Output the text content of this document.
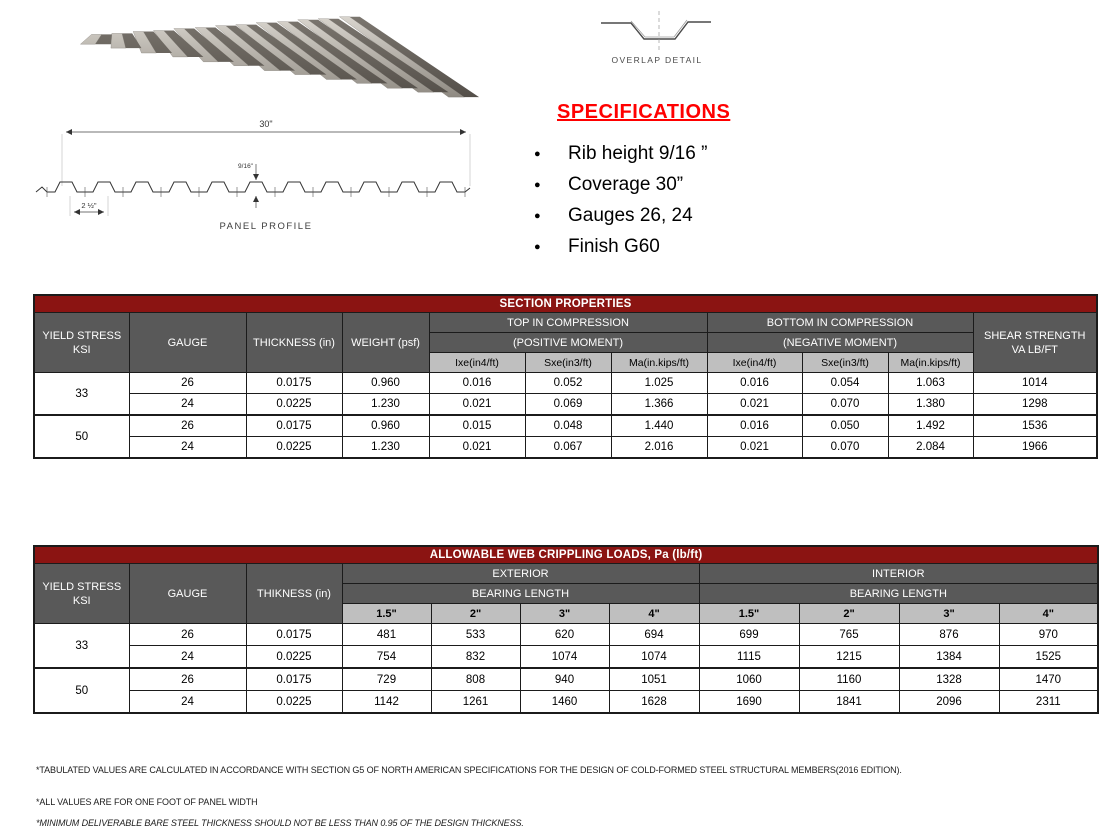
OVERLAP DETAIL
30"
9/16"
2 ½"
PANEL PROFILE
SPECIFICATIONS
● Rib height 9/16 ”
● Coverage 30”
● Gauges 26, 24
● Finish G60
SECTION PROPERTIES										

YIELD STRESS
KSI	GAUGE	THICKNESS (in)	WEIGHT (psf)	TOP IN COMPRESSION			BOTTOM IN COMPRESSION			SHEAR STRENGTH
VA LB/FT

				(POSITIVE MOMENT)			(NEGATIVE MOMENT)			
				Ixe(in4/ft)	Sxe(in3/ft)	Ma(in.kips/ft)	Ixe(in4/ft)	Sxe(in3/ft)	Ma(in.kips/ft)	
33	26	0.0175	0.960	0.016	0.052	1.025	0.016	0.054	1.063	1014
	24	0.0225	1.230	0.021	0.069	1.366	0.021	0.070	1.380	1298
50	26	0.0175	0.960	0.015	0.048	1.440	0.016	0.050	1.492	1536
	24	0.0225	1.230	0.021	0.067	2.016	0.021	0.070	2.084	1966
ALLOWABLE WEB CRIPPLING LOADS, Pa (lb/ft)										

YIELD STRESS
KSI	GAUGE	THIKNESS (in)	EXTERIOR				INTERIOR			
			BEARING LENGTH				BEARING LENGTH			
			1.5"	2"	3"	4"	1.5"	2"	3"	4"
33	26	0.0175	481	533	620	694	699	765	876	970
	24	0.0225	754	832	1074	1074	1115	1215	1384	1525
50	26	0.0175	729	808	940	1051	1060	1160	1328	1470
	24	0.0225	1142	1261	1460	1628	1690	1841	2096	2311
*TABULATED VALUES ARE CALCULATED IN ACCORDANCE WITH SECTION G5 OF NORTH AMERICAN SPECIFICATIONS FOR THE DESIGN OF COLD-FORMED STEEL STRUCTURAL MEMBERS(2016 EDITION).
*ALL VALUES ARE FOR ONE FOOT OF PANEL WIDTH
*MINIMUM DELIVERABLE BARE STEEL THICKNESS SHOULD NOT BE LESS THAN 0.95 OF THE DESIGN THICKNESS.
